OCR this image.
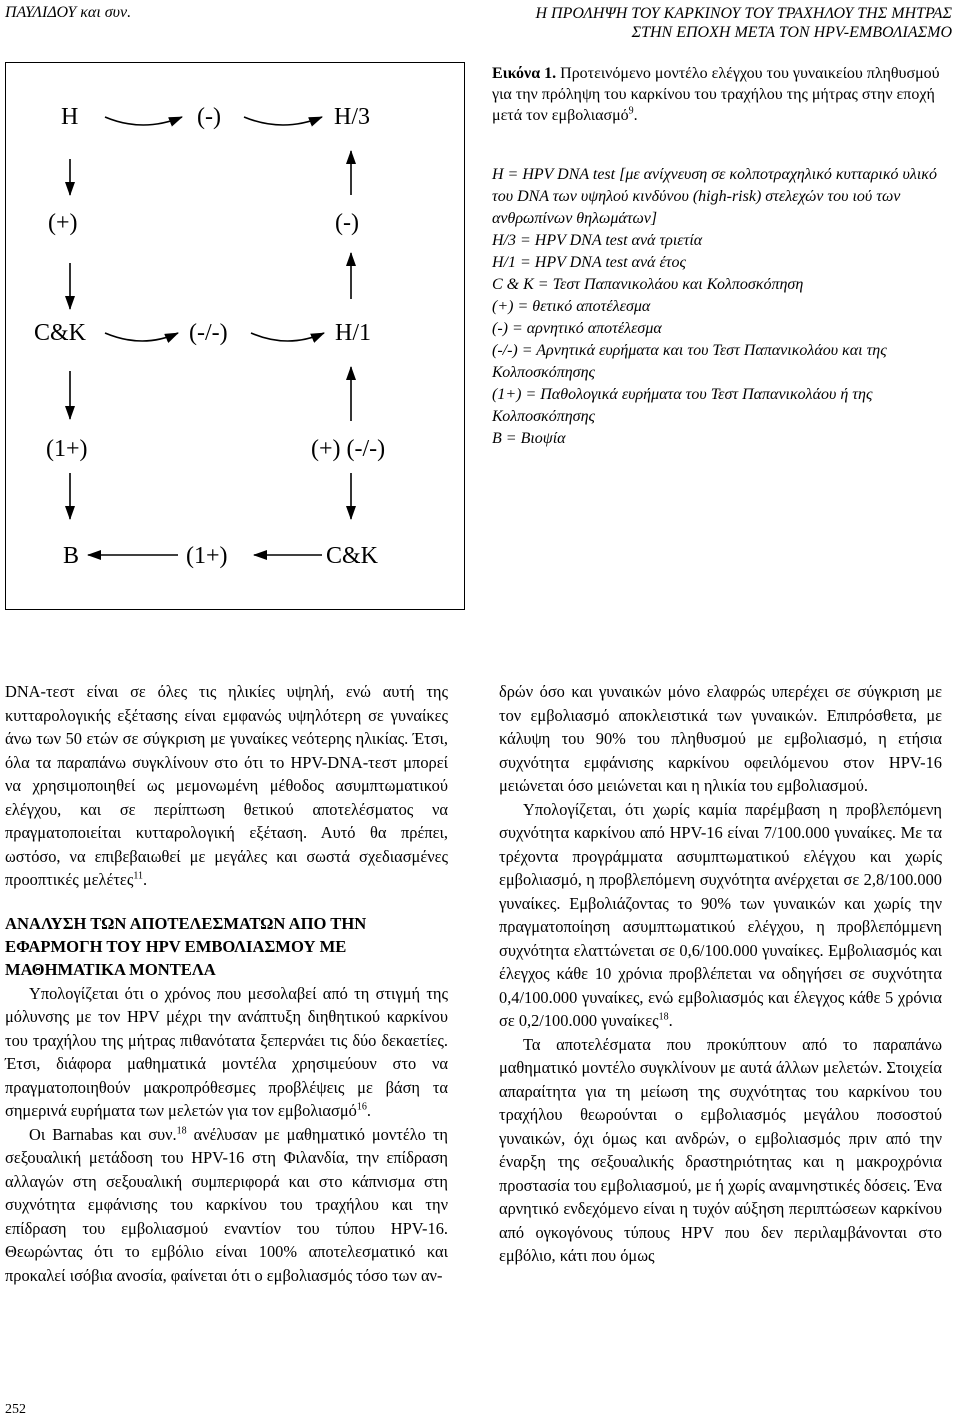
ΠΑΥΛΙΔΟΥ και συν.	Η ΠΡΟΛΗΨΗ ΤΟΥ ΚΑΡΚΙΝΟΥ ΤΟΥ ΤΡΑΧΗΛΟΥ ΤΗΣ ΜΗΤΡΑΣ
ΣΤΗΝ ΕΠΟΧΗ ΜΕΤΑ ΤΟΝ HPV-ΕΜΒΟΛΙΑΣΜΟ
Η	(-)	Η/3
(+)	(-)
C&K	(-/-)	Η/1
(1+)	(+) (-/-)
B	(1+)	C&K
Εικόνα 1. Προτεινόμενο μοντέλο ελέγχου του γυναικείου πληθυσμού για την πρόληψη του καρκίνου του τραχήλου της μήτρας στην εποχή μετά τον εμβολιασμό$^9$.
Η = HPV DNA test [με ανίχνευση σε κολποτραχηλικό κυτταρικό υλικό του DNA των υψηλού κινδύνου (high-risk) στελεχών του ιού των ανθρωπίνων θηλωμάτων]
Η/3 = HPV DNA test ανά τριετία
Η/1 = HPV DNA test ανά έτος
C & K = Τεστ Παπανικολάου και Κολποσκόπηση
(+) = θετικό αποτέλεσμα
(-) = αρνητικό αποτέλεσμα
(-/-) = Αρνητικά ευρήματα και του Τεστ Παπανικολάου και της Κολποσκόπησης
(1+) = Παθολογικά ευρήματα του Τεστ Παπανικολάου ή της Κολποσκόπησης
B = Βιοψία

DNA-τεστ είναι σε όλες τις ηλικίες υψηλή, ενώ αυτή της κυτταρολογικής εξέτασης είναι εμφανώς υψηλότερη σε γυναίκες άνω των 50 ετών σε σύγκριση με γυναίκες νεότερης ηλικίας. Έτσι, όλα τα παραπάνω συγκλίνουν στο ότι το HPV-DNA-τεστ μπορεί να χρησιμοποιηθεί ως μεμονωμένη μέθοδος ασυμπτωματικού ελέγχου, και σε περίπτωση θετικού αποτελέσματος να πραγματοποιείται κυτταρολογική εξέταση. Αυτό θα πρέπει, ωστόσο, να επιβεβαιωθεί με μεγάλες και σωστά σχεδιασμένες προοπτικές μελέτες$^{11}$.

ΑΝΑΛΥΣΗ ΤΩΝ ΑΠΟΤΕΛΕΣΜΑΤΩΝ ΑΠΟ ΤΗΝ ΕΦΑΡΜΟΓΗ ΤΟΥ HPV ΕΜΒΟΛΙΑΣΜΟΥ ΜΕ ΜΑΘΗΜΑΤΙΚΑ ΜΟΝΤΕΛΑ

Υπολογίζεται ότι ο χρόνος που μεσολαβεί από τη στιγμή της μόλυνσης με τον HPV μέχρι την ανάπτυξη διηθητικού καρκίνου του τραχήλου της μήτρας πιθανότατα ξεπερνάει τις δύο δεκαετίες. Έτσι, διάφορα μαθηματικά μοντέλα χρησιμεύουν στο να πραγματοποιηθούν μακροπρόθεσμες προβλέψεις με βάση τα σημερινά ευρήματα των μελετών για τον εμβολιασμό$^{16}$.

Οι Barnabas και συν.$^{18}$ ανέλυσαν με μαθηματικό μοντέλο τη σεξουαλική μετάδοση του HPV-16 στη Φιλανδία, την επίδραση αλλαγών στη σεξουαλική συμπεριφορά και στο κάπνισμα στη συχνότητα εμφάνισης του καρκίνου του τραχήλου και την επίδραση του εμβολιασμού εναντίον του τύπου HPV-16. Θεωρώντας ότι το εμβόλιο είναι 100% αποτελεσματικό και προκαλεί ισόβια ανοσία, φαίνεται ότι ο εμβολιασμός τόσο των αν-

δρών όσο και γυναικών μόνο ελαφρώς υπερέχει σε σύγκριση με τον εμβολιασμό αποκλειστικά των γυναικών. Επιπρόσθετα, με κάλυψη του 90% του πληθυσμού με εμβολιασμό, η ετήσια συχνότητα εμφάνισης καρκίνου οφειλόμενου στον HPV-16 μειώνεται όσο μειώνεται και η ηλικία του εμβολιασμού.

Υπολογίζεται, ότι χωρίς καμία παρέμβαση η προβλεπόμενη συχνότητα καρκίνου από HPV-16 είναι 7/100.000 γυναίκες. Με τα τρέχοντα προγράμματα ασυμπτωματικού ελέγχου και χωρίς εμβολιασμό, η προβλεπόμενη συχνότητα ανέρχεται σε 2,8/100.000 γυναίκες. Εμβολιάζοντας το 90% των γυναικών και χωρίς την πραγματοποίηση ασυμπτωματικού ελέγχου, η προβλεπόμμενη συχνότητα ελαττώνεται σε 0,6/100.000 γυναίκες. Εμβολιασμός και έλεγχος κάθε 10 χρόνια προβλέπεται να οδηγήσει σε συχνότητα 0,4/100.000 γυναίκες, ενώ εμβολιασμός και έλεγχος κάθε 5 χρόνια σε 0,2/100.000 γυναίκες$^{18}$.

Τα αποτελέσματα που προκύπτουν από το παραπάνω μαθηματικό μοντέλο συγκλίνουν με αυτά άλλων μελετών. Στοιχεία απαραίτητα για τη μείωση της συχνότητας του καρκίνου του τραχήλου θεωρούνται ο εμβολιασμός μεγάλου ποσοστού γυναικών, όχι όμως και ανδρών, ο εμβολιασμός πριν από την έναρξη της σεξουαλικής δραστηριότητας και η μακροχρόνια προστασία του εμβολιασμού, με ή χωρίς αναμνηστικές δόσεις. Ένα αρνητικό ενδεχόμενο είναι η τυχόν αύξηση περιπτώσεων καρκίνου από ογκογόνους τύπους HPV που δεν περιλαμβάνονται στο εμβόλιο, κάτι που όμως

252
